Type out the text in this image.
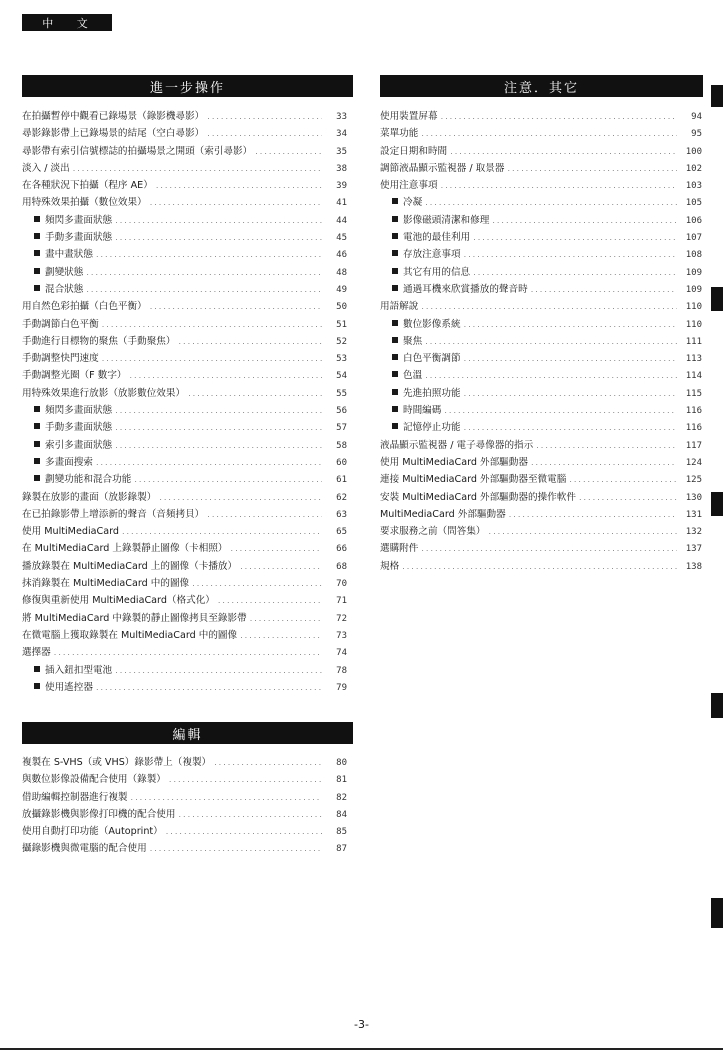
中 文
進一步操作
在拍攝暫停中觀看已錄場景（錄影機尋影） .....	33
尋影錄影帶上已錄場景的結尾（空白尋影） .....	34
尋影帶有索引信號標誌的拍攝場景之開頭（索引尋影） .....	35
淡入 / 淡出 .....	38
在各種狀況下拍攝（程序 AE） .....	39
用特殊效果拍攝（數位效果） .....	41
頻閃多畫面狀態 .....	44
手動多畫面狀態 .....	45
畫中畫狀態 .....	46
劃變狀態 .....	48
混合狀態 .....	49
用自然色彩拍攝（白色平衡） .....	50
手動調節白色平衡 .....	51
手動進行目標物的聚焦（手動聚焦） .....	52
手動調整快門速度 .....	53
手動調整光圈（F 數字） .....	54
用特殊效果進行放影（放影數位效果） .....	55
頻閃多畫面狀態 .....	56
手動多畫面狀態 .....	57
索引多畫面狀態 .....	58
多畫面搜索 .....	60
劃變功能和混合功能 .....	61
錄製在放影的畫面（放影錄製） .....	62
在已拍錄影帶上增添新的聲音（音頻拷貝） .....	63
使用 MultiMediaCard .....	65
在 MultiMediaCard 上錄製靜止圖像（卡相照） .....	66
播放錄製在 MultiMediaCard 上的圖像（卡播放） .....	68
抹消錄製在 MultiMediaCard 中的圖像 .....	70
修復與重新使用 MultiMediaCard（格式化） .....	71
將 MultiMediaCard 中錄製的靜止圖像拷貝至錄影帶 .....	72
在微電腦上獲取錄製在 MultiMediaCard 中的圖像 .....	73
選擇器 .....	74
插入鈕扣型電池 .....	78
使用遙控器 .....	79
編輯
複製在 S-VHS（或 VHS）錄影帶上（複製） .....	80
與數位影像設備配合使用（錄製） .....	81
借助編輯控制器進行複製 .....	82
放攝錄影機與影像打印機的配合使用 .....	84
使用自動打印功能（Autoprint） .....	85
攝錄影機與微電腦的配合使用 .....	87
注意．其它
使用裝置屏幕 .....	94
菜單功能 .....	95
設定日期和時間 .....	100
調節液晶顯示監視器 / 取景器 .....	102
使用注意事項 .....	103
冷凝 .....	105
影像磁頭清潔和修理 .....	106
電池的最佳利用 .....	107
存放注意事項 .....	108
其它有用的信息 .....	109
通過耳機來欣賞播放的聲音時 .....	109
用語解說 .....	110
數位影像系統 .....	110
聚焦 .....	111
白色平衡調節 .....	113
色溫 .....	114
先進拍照功能 .....	115
時間編碼 .....	116
記憶停止功能 .....	116
液晶顯示監視器 / 電子尋像器的指示 .....	117
使用 MultiMediaCard 外部驅動器 .....	124
連接 MultiMediaCard 外部驅動器至微電腦 .....	125
安裝 MultiMediaCard 外部驅動器的操作軟件 .....	130
MultiMediaCard 外部驅動器 .....	131
要求服務之前（問答集） .....	132
選購附件 .....	137
規格 .....	138
-3-
